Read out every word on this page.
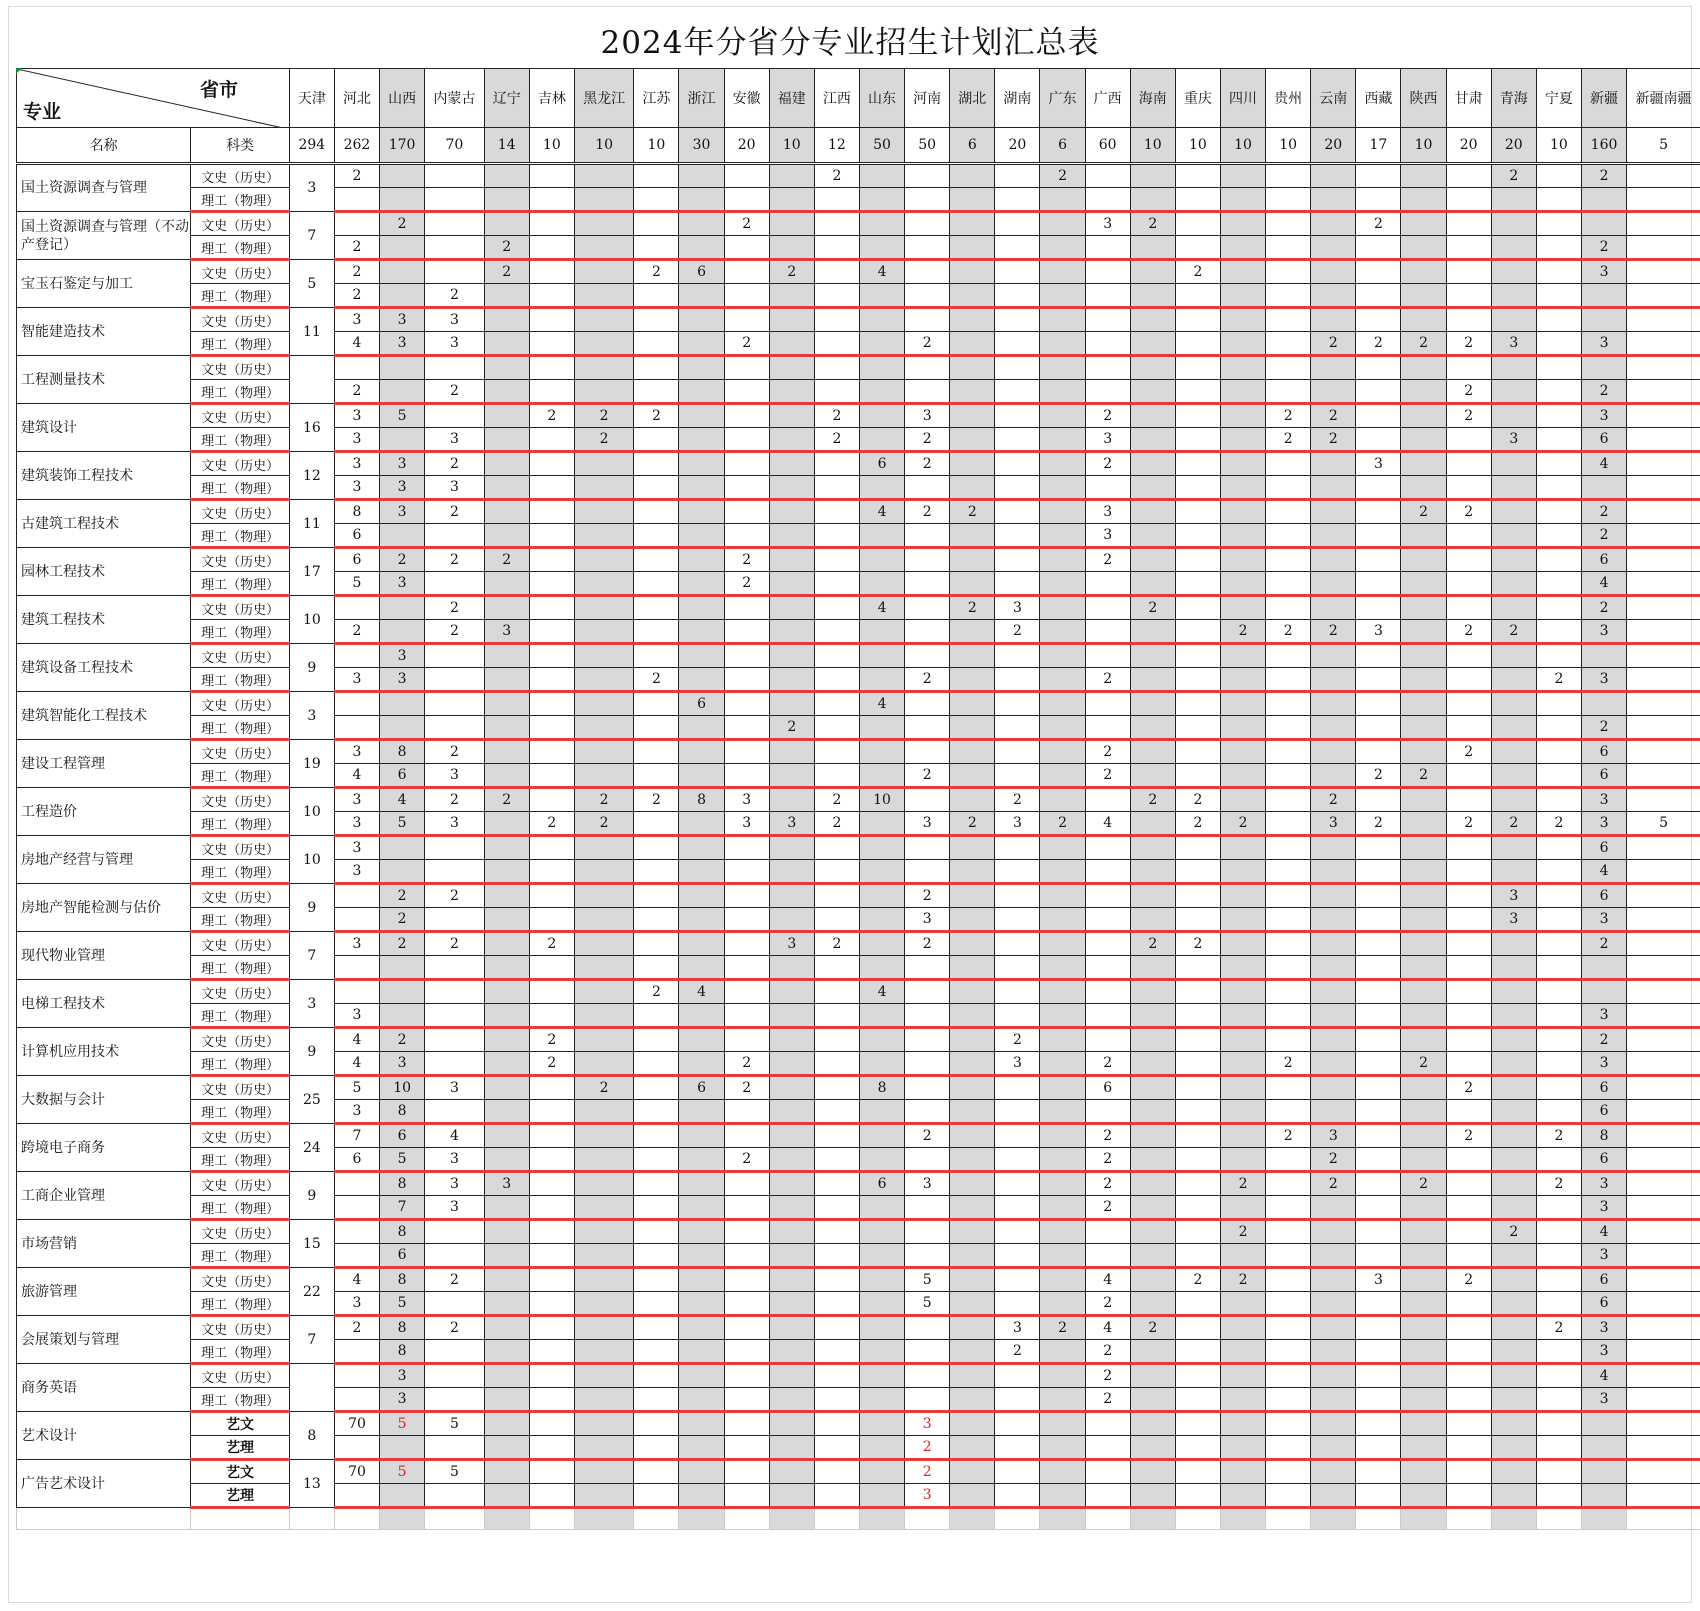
2024年分省分专业招生计划汇总表
省市
专业		天津	河北	山西	内蒙古	辽宁	吉林	黑龙江	江苏	浙江	安徽	福建	江西	山东	河南	湖北	湖南	广东	广西	海南	重庆	四川	贵州	云南	西藏	陕西	甘肃	青海	宁夏	新疆	新疆南疆
名称	科类	294	262	170	70	14	10	10	10	30	20	10	12	50	50	6	20	6	60	10	10	10	10	20	17	10	20	20	10	160	5
国土资源调查与管理	文史（历史）	3	2										2					2										2		2	
	理工（物理）																														
国土资源调查与管理（不动产登记）	文史（历史）	7		2							2								3	2					2						
	理工（物理）		2			2																								2	
宝玉石鉴定与加工	文史（历史）	5	2			2			2	6		2		4							2									3	
	理工（物理）		2		2																										
智能建造技术	文史（历史）	11	3	3	3																										
	理工（物理）		4	3	3						2				2									2	2	2	2	3		3	
工程测量技术	文史（历史）																														
	理工（物理）		2		2																						2			2	
建筑设计	文史（历史）	16	3	5			2	2	2				2		3				2				2	2			2			3	
	理工（物理）		3		3			2					2		2				3				2	2				3		6	
建筑装饰工程技术	文史（历史）	12	3	3	2									6	2				2						3					4	
	理工（物理）		3	3	3																										
古建筑工程技术	文史（历史）	11	8	3	2									4	2	2			3							2	2			2	
	理工（物理）		6																3											2	
园林工程技术	文史（历史）	17	6	2	2	2					2								2											6	
	理工（物理）		5	3							2																			4	
建筑工程技术	文史（历史）	10			2									4		2	3			2										2	
	理工（物理）		2		2	3											2					2	2	2	3		2	2		3	
建筑设备工程技术	文史（历史）	9		3																											
	理工（物理）		3	3					2						2				2										2	3	
建筑智能化工程技术	文史（历史）	3								6				4																	
	理工（物理）											2																		2	
建设工程管理	文史（历史）	19	3	8	2														2								2			6	
	理工（物理）		4	6	3										2				2						2	2				6	
工程造价	文史（历史）	10	3	4	2	2		2	2	8	3		2	10			2			2	2			2						3	
	理工（物理）		3	5	3		2	2			3	3	2		3	2	3	2	4		2	2		3	2		2	2	2	3	5
房地产经营与管理	文史（历史）	10	3																											6	
	理工（物理）		3																											4	
房地产智能检测与估价	文史（历史）	9		2	2										2													3		6	
	理工（物理）			2											3													3		3	
现代物业管理	文史（历史）	7	3	2	2		2					3	2		2					2	2									2	
	理工（物理）																														
电梯工程技术	文史（历史）	3							2	4				4																	
	理工（物理）		3																											3	
计算机应用技术	文史（历史）	9	4	2			2										2													2	
	理工（物理）		4	3			2				2						3		2				2			2				3	
大数据与会计	文史（历史）	25	5	10	3			2		6	2			8					6								2			6	
	理工（物理）		3	8																										6	
跨境电子商务	文史（历史）	24	7	6	4										2				2				2	3			2		2	8	
	理工（物理）		6	5	3						2								2					2						6	
工商企业管理	文史（历史）	9		8	3	3								6	3				2			2		2		2			2	3	
	理工（物理）			7	3														2											3	
市场营销	文史（历史）	15		8																		2						2		4	
	理工（物理）			6																										3	
旅游管理	文史（历史）	22	4	8	2										5				4		2	2			3		2			6	
	理工（物理）		3	5											5				2											6	
会展策划与管理	文史（历史）	7	2	8	2												3	2	4	2									2	3	
	理工（物理）			8													2		2											3	
商务英语	文史（历史）			3															2											4	
	理工（物理）			3															2											3	
艺术设计	艺文	8	70	5	5										3																
	艺理														2																
广告艺术设计	艺文	13	70	5	5										2																
	艺理														3																
